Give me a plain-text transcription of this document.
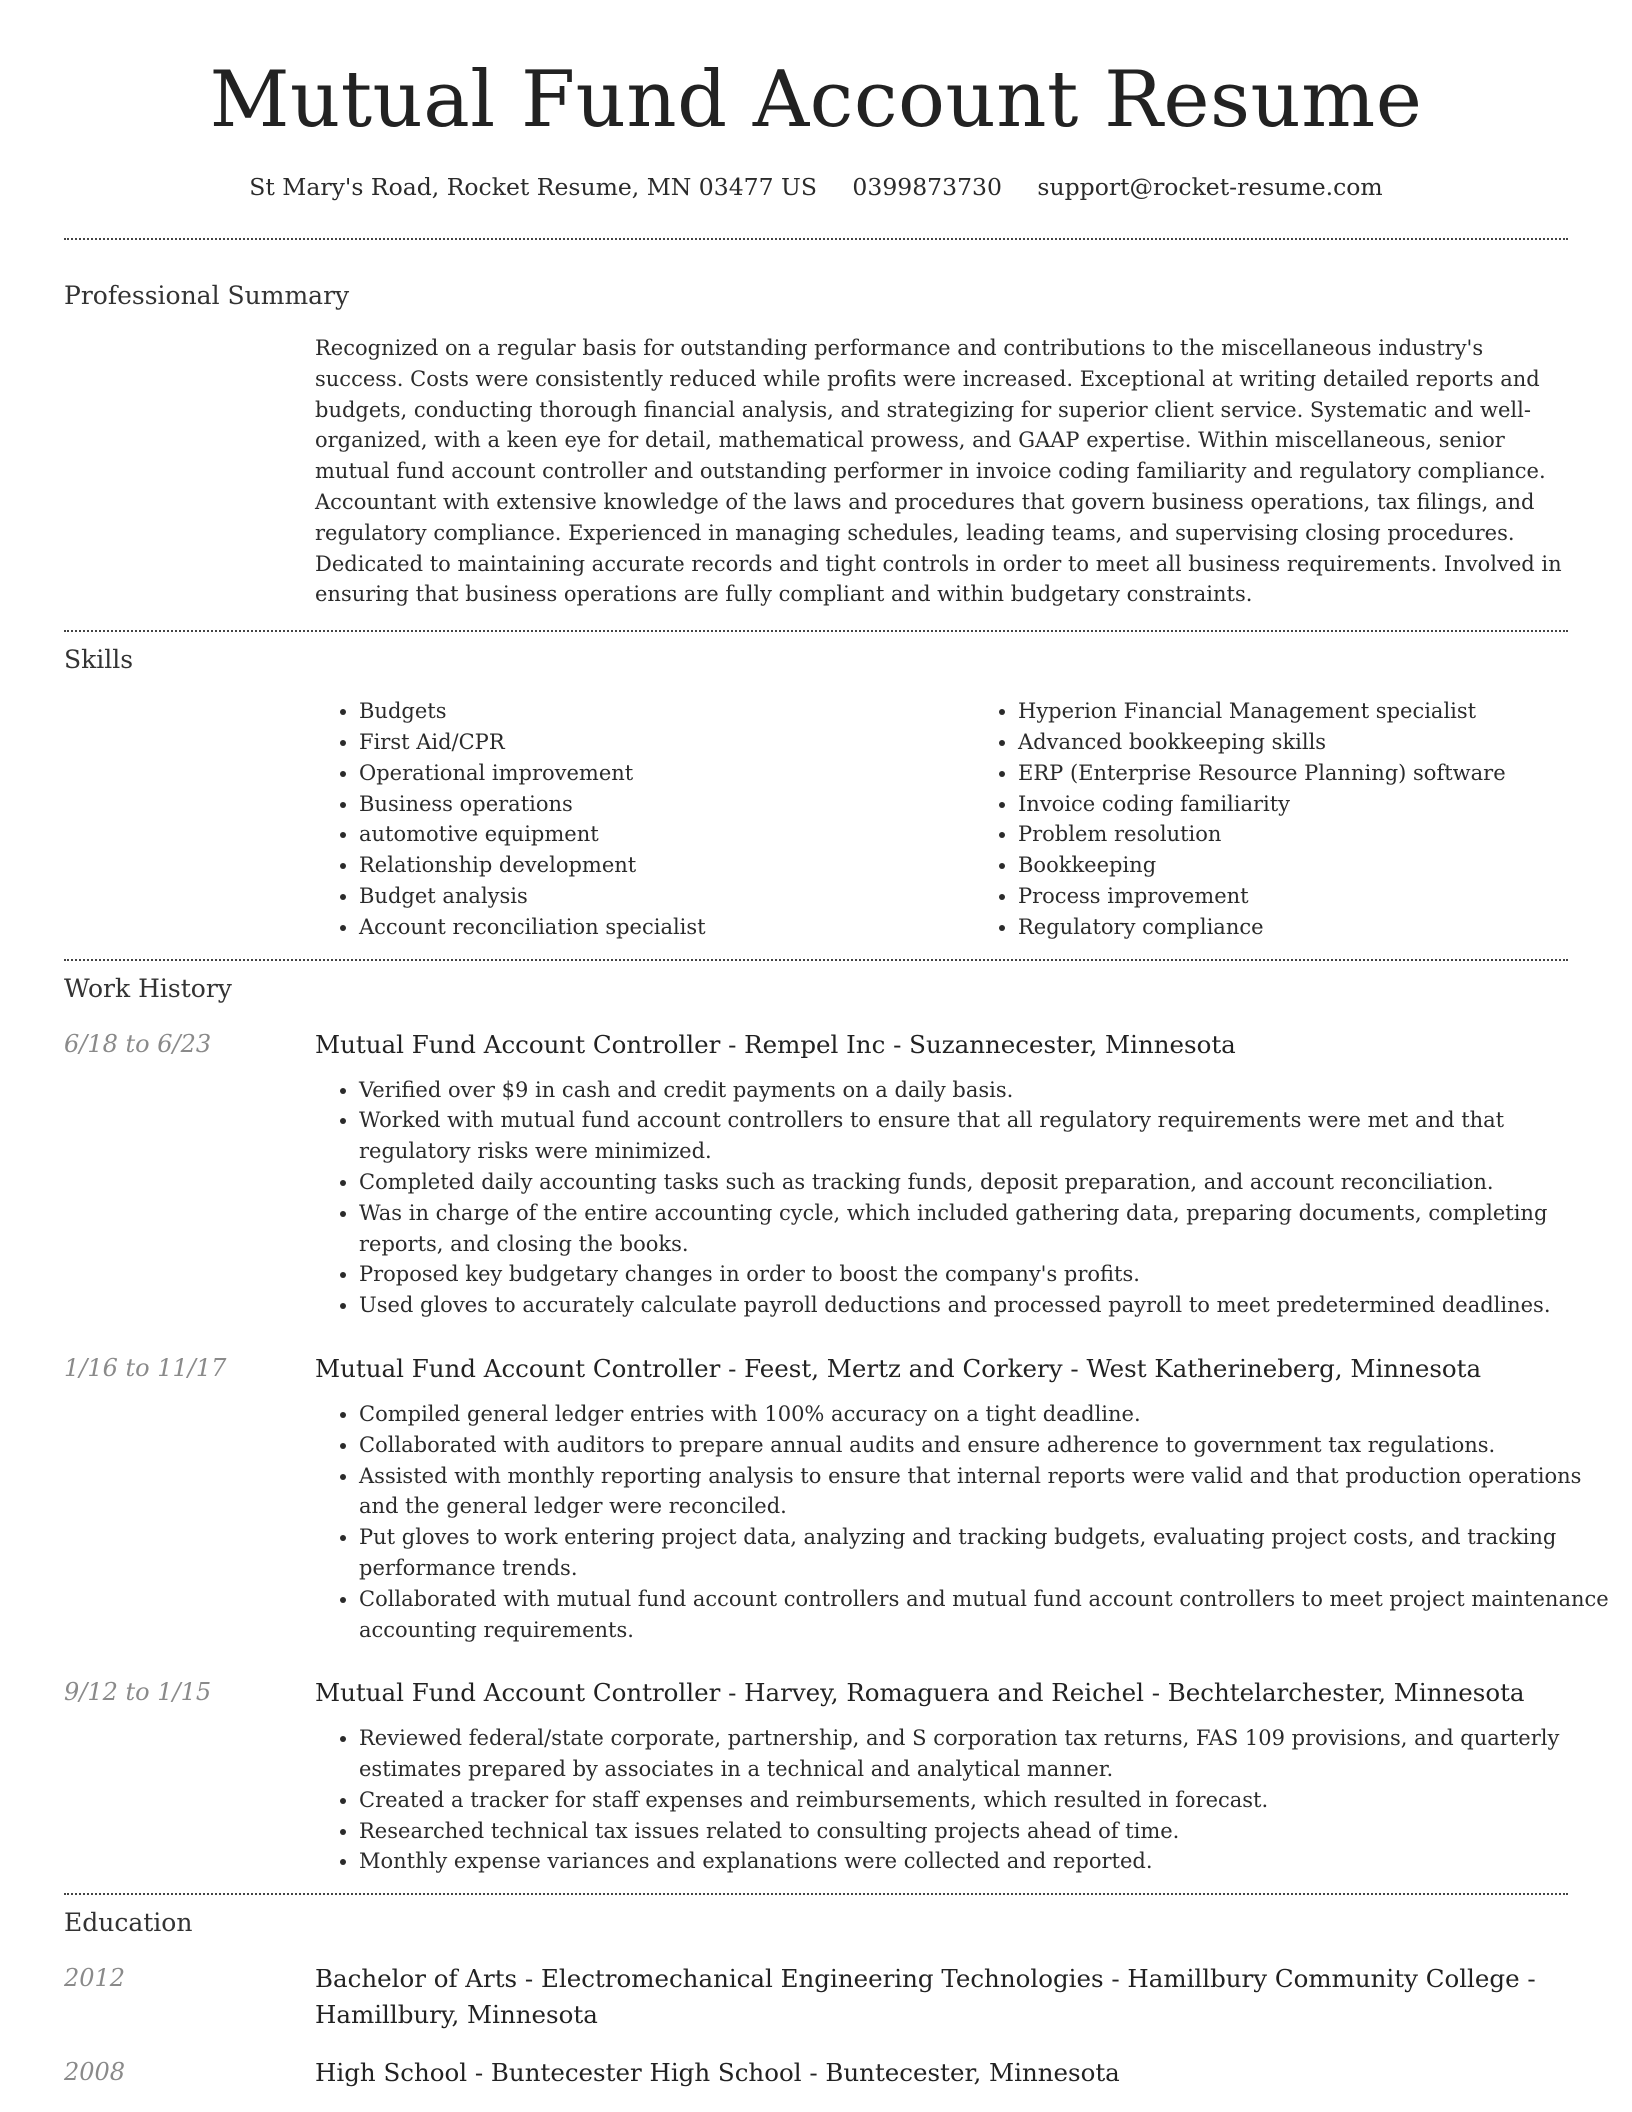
Mutual Fund Account Resume
St Mary's Road, Rocket Resume, MN 03477 US 0399873730 support@rocket-resume.com
Professional Summary

Recognized on a regular basis for outstanding performance and contributions to the miscellaneous industry's success. Costs were consistently reduced while profits were increased. Exceptional at writing detailed reports and budgets, conducting thorough financial analysis, and strategizing for superior client service. Systematic and well-organized, with a keen eye for detail, mathematical prowess, and GAAP expertise. Within miscellaneous, senior mutual fund account controller and outstanding performer in invoice coding familiarity and regulatory compliance. Accountant with extensive knowledge of the laws and procedures that govern business operations, tax filings, and regulatory compliance. Experienced in managing schedules, leading teams, and supervising closing procedures. Dedicated to maintaining accurate records and tight controls in order to meet all business requirements. Involved in ensuring that business operations are fully compliant and within budgetary constraints.

Skills
• Budgets
• First Aid/CPR
• Operational improvement
• Business operations
• automotive equipment
• Relationship development
• Budget analysis
• Account reconciliation specialist
• Hyperion Financial Management specialist
• Advanced bookkeeping skills
• ERP (Enterprise Resource Planning) software
• Invoice coding familiarity
• Problem resolution
• Bookkeeping
• Process improvement
• Regulatory compliance
Work History
6/18 to 6/23	Mutual Fund Account Controller - Rempel Inc - Suzannecester, Minnesota
• Verified over $9 in cash and credit payments on a daily basis.
• Worked with mutual fund account controllers to ensure that all regulatory requirements were met and that regulatory risks were minimized.
• Completed daily accounting tasks such as tracking funds, deposit preparation, and account reconciliation.
• Was in charge of the entire accounting cycle, which included gathering data, preparing documents, completing reports, and closing the books.
• Proposed key budgetary changes in order to boost the company's profits.
• Used gloves to accurately calculate payroll deductions and processed payroll to meet predetermined deadlines.
1/16 to 11/17	Mutual Fund Account Controller - Feest, Mertz and Corkery - West Katherineberg, Minnesota
• Compiled general ledger entries with 100% accuracy on a tight deadline.
• Collaborated with auditors to prepare annual audits and ensure adherence to government tax regulations.
• Assisted with monthly reporting analysis to ensure that internal reports were valid and that production operations and the general ledger were reconciled.
• Put gloves to work entering project data, analyzing and tracking budgets, evaluating project costs, and tracking performance trends.
• Collaborated with mutual fund account controllers and mutual fund account controllers to meet project maintenance accounting requirements.
9/12 to 1/15	Mutual Fund Account Controller - Harvey, Romaguera and Reichel - Bechtelarchester, Minnesota
• Reviewed federal/state corporate, partnership, and S corporation tax returns, FAS 109 provisions, and quarterly estimates prepared by associates in a technical and analytical manner.
• Created a tracker for staff expenses and reimbursements, which resulted in forecast.
• Researched technical tax issues related to consulting projects ahead of time.
• Monthly expense variances and explanations were collected and reported.
Education
2012	Bachelor of Arts - Electromechanical Engineering Technologies - Hamillbury Community College - Hamillbury, Minnesota
2008	High School - Buntecester High School - Buntecester, Minnesota
